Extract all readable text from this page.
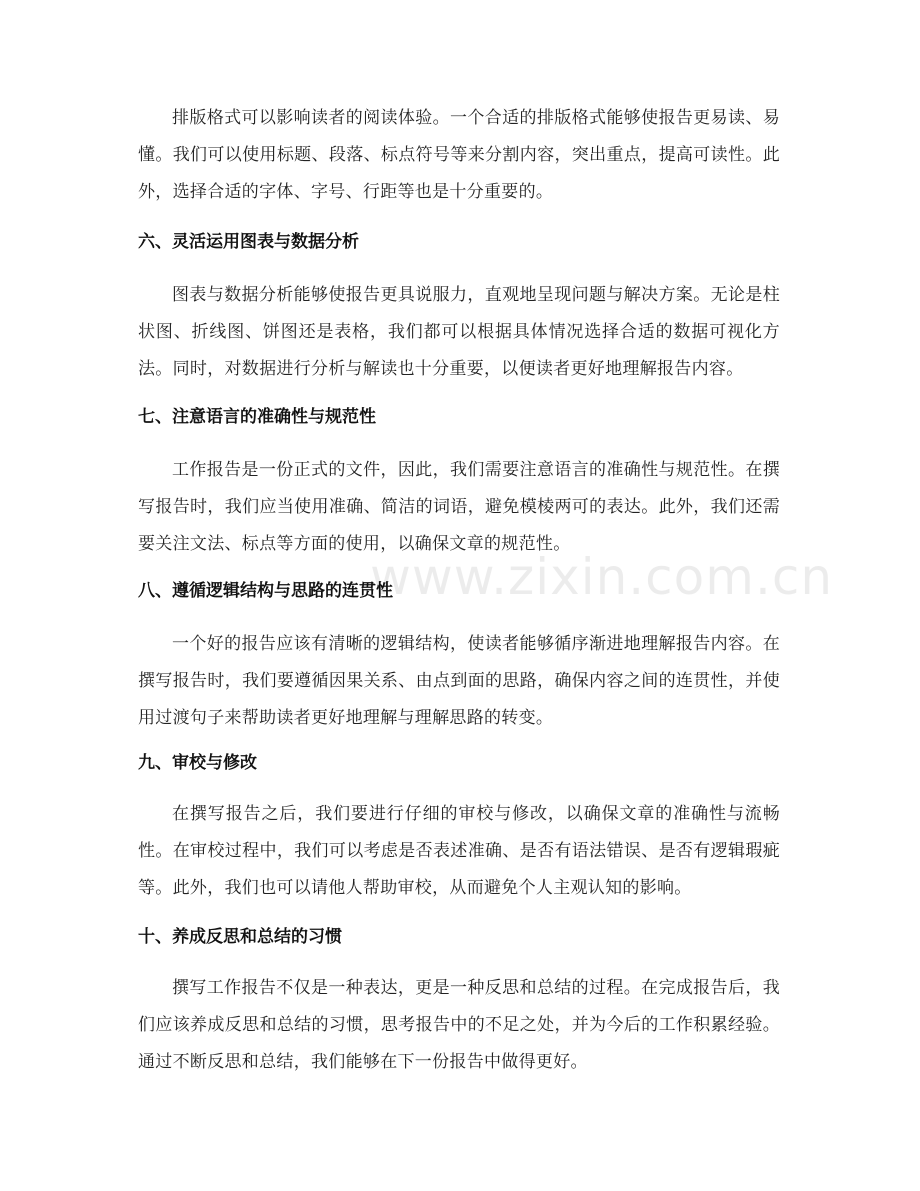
排版格式可以影响读者的阅读体验。一个合适的排版格式能够使报告更易读、易懂。我们可以使用标题、段落、标点符号等来分割内容，突出重点，提高可读性。此外，选择合适的字体、字号、行距等也是十分重要的。

六、灵活运用图表与数据分析

图表与数据分析能够使报告更具说服力，直观地呈现问题与解决方案。无论是柱状图、折线图、饼图还是表格，我们都可以根据具体情况选择合适的数据可视化方法。同时，对数据进行分析与解读也十分重要，以便读者更好地理解报告内容。

七、注意语言的准确性与规范性

工作报告是一份正式的文件，因此，我们需要注意语言的准确性与规范性。在撰写报告时，我们应当使用准确、简洁的词语，避免模棱两可的表达。此外，我们还需要关注文法、标点等方面的使用，以确保文章的规范性。

八、遵循逻辑结构与思路的连贯性

一个好的报告应该有清晰的逻辑结构，使读者能够循序渐进地理解报告内容。在撰写报告时，我们要遵循因果关系、由点到面的思路，确保内容之间的连贯性，并使用过渡句子来帮助读者更好地理解与理解思路的转变。

九、审校与修改

在撰写报告之后，我们要进行仔细的审校与修改，以确保文章的准确性与流畅性。在审校过程中，我们可以考虑是否表述准确、是否有语法错误、是否有逻辑瑕疵等。此外，我们也可以请他人帮助审校，从而避免个人主观认知的影响。

十、养成反思和总结的习惯

撰写工作报告不仅是一种表达，更是一种反思和总结的过程。在完成报告后，我们应该养成反思和总结的习惯，思考报告中的不足之处，并为今后的工作积累经验。通过不断反思和总结，我们能够在下一份报告中做得更好。

www.zixin.com.cn
